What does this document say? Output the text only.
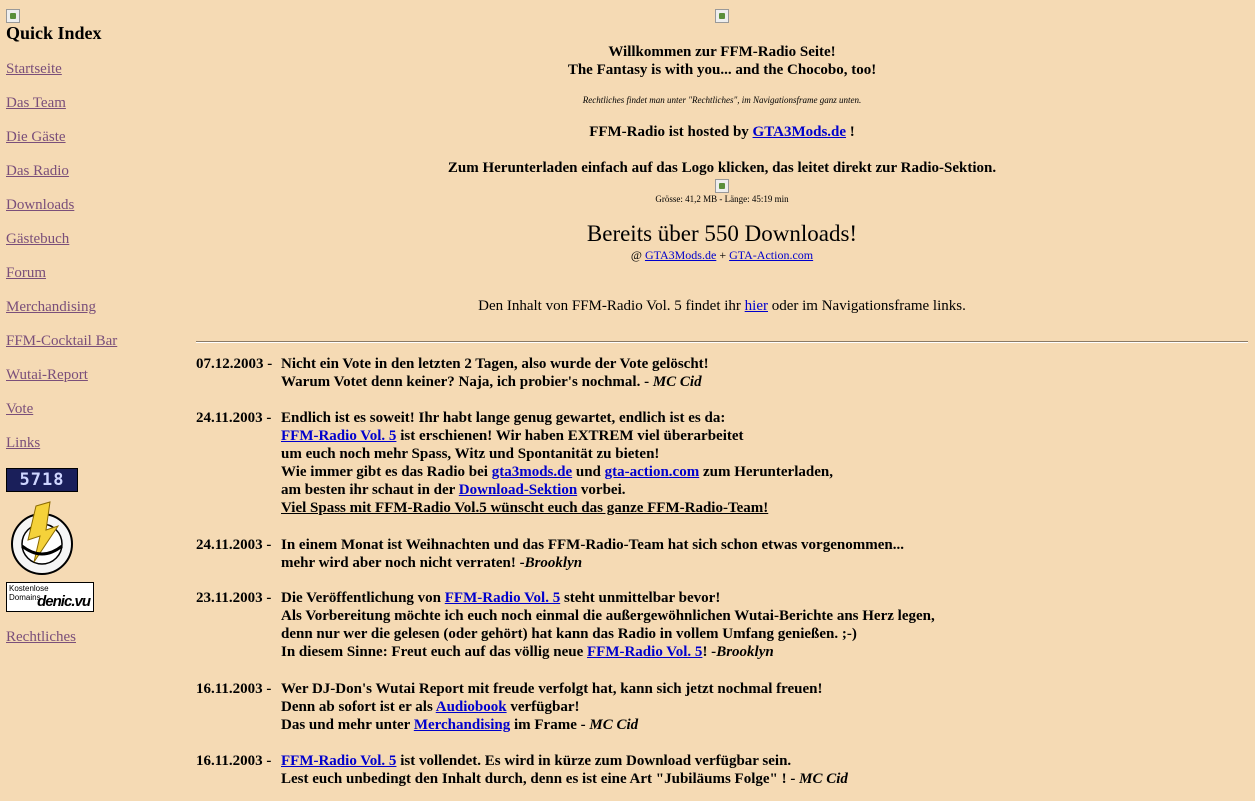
Quick Index
Startseite
Das Team
Die Gäste
Das Radio
Downloads
Gästebuch
Forum
Merchandising
FFM-Cocktail Bar
Wutai-Report
Vote
Links
5718
Kostenlose
Domains
denic.vu
Rechtliches

Willkommen zur FFM-Radio Seite!
The Fantasy is with you... and the Chocobo, too!

Rechtliches findet man unter "Rechtliches", im Navigationsframe ganz unten.

FFM-Radio ist hosted by GTA3Mods.de !

Zum Herunterladen einfach auf das Logo klicken, das leitet direkt zur Radio-Sektion.

Grösse: 41,2 MB - Länge: 45:19 min

Bereits über 550 Downloads!

@ GTA3Mods.de + GTA-Action.com

Den Inhalt von FFM-Radio Vol. 5 findet ihr hier oder im Navigationsframe links.

07.12.2003 - Nicht ein Vote in den letzten 2 Tagen, also wurde der Vote gelöscht!
Warum Votet denn keiner? Naja, ich probier's nochmal. - MC Cid
24.11.2003 - Endlich ist es soweit! Ihr habt lange genug gewartet, endlich ist es da:
FFM-Radio Vol. 5 ist erschienen! Wir haben EXTREM viel überarbeitet
um euch noch mehr Spass, Witz und Spontanität zu bieten!
Wie immer gibt es das Radio bei gta3mods.de und gta-action.com zum Herunterladen,
am besten ihr schaut in der Download-Sektion vorbei.
Viel Spass mit FFM-Radio Vol.5 wünscht euch das ganze FFM-Radio-Team!
24.11.2003 - In einem Monat ist Weihnachten und das FFM-Radio-Team hat sich schon etwas vorgenommen...
mehr wird aber noch nicht verraten! -Brooklyn
23.11.2003 - Die Veröffentlichung von FFM-Radio Vol. 5 steht unmittelbar bevor!
Als Vorbereitung möchte ich euch noch einmal die außergewöhnlichen Wutai-Berichte ans Herz legen,
denn nur wer die gelesen (oder gehört) hat kann das Radio in vollem Umfang genießen. ;-)
In diesem Sinne: Freut euch auf das völlig neue FFM-Radio Vol. 5! -Brooklyn
16.11.2003 - Wer DJ-Don's Wutai Report mit freude verfolgt hat, kann sich jetzt nochmal freuen!
Denn ab sofort ist er als Audiobook verfügbar!
Das und mehr unter Merchandising im Frame - MC Cid
16.11.2003 - FFM-Radio Vol. 5 ist vollendet. Es wird in kürze zum Download verfügbar sein.
Lest euch unbedingt den Inhalt durch, denn es ist eine Art "Jubiläums Folge" ! - MC Cid
